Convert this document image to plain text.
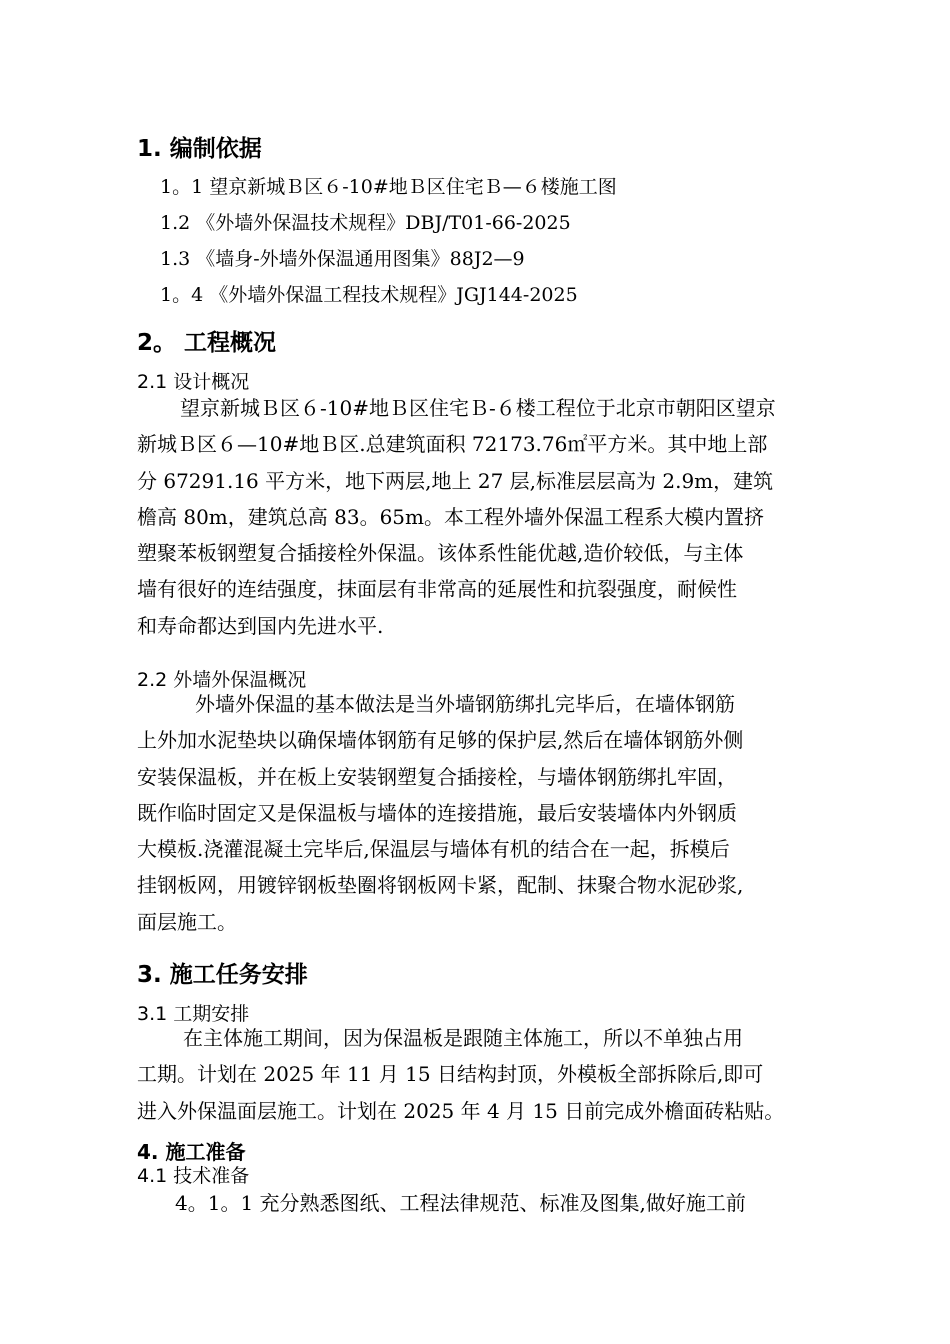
1. 编制依据
1。1 望京新城Ｂ区６-10#地Ｂ区住宅Ｂ—６楼施工图
1.2 《外墙外保温技术规程》DBJ/T01-66-2025
1.3 《墙身-外墙外保温通用图集》88J2—9
1。4 《外墙外保温工程技术规程》JGJ144-2025
2。 工程概况
2.1 设计概况
望京新城Ｂ区６-10#地Ｂ区住宅Ｂ-６楼工程位于北京市朝阳区望京
新城Ｂ区６—10#地Ｂ区.总建筑面积 72173.76㎡平方米。其中地上部
分 67291.16 平方米，地下两层,地上 27 层,标准层层高为 2.9m，建筑
檐高 80m，建筑总高 83。65m。本工程外墙外保温工程系大模内置挤
塑聚苯板钢塑复合插接栓外保温。该体系性能优越,造价较低，与主体
墙有很好的连结强度，抹面层有非常高的延展性和抗裂强度，耐候性
和寿命都达到国内先进水平.
2.2 外墙外保温概况
外墙外保温的基本做法是当外墙钢筋绑扎完毕后，在墙体钢筋
上外加水泥垫块以确保墙体钢筋有足够的保护层,然后在墙体钢筋外侧
安装保温板，并在板上安装钢塑复合插接栓，与墙体钢筋绑扎牢固，
既作临时固定又是保温板与墙体的连接措施，最后安装墙体内外钢质
大模板.浇灌混凝土完毕后,保温层与墙体有机的结合在一起，拆模后
挂钢板网，用镀锌钢板垫圈将钢板网卡紧，配制、抹聚合物水泥砂浆,
面层施工。
3. 施工任务安排
3.1 工期安排
在主体施工期间，因为保温板是跟随主体施工，所以不单独占用
工期。计划在 2025 年 11 月 15 日结构封顶，外模板全部拆除后,即可
进入外保温面层施工。计划在 2025 年 4 月 15 日前完成外檐面砖粘贴。
4. 施工准备
4.1 技术准备
4。1。1 充分熟悉图纸、工程法律规范、标准及图集,做好施工前
